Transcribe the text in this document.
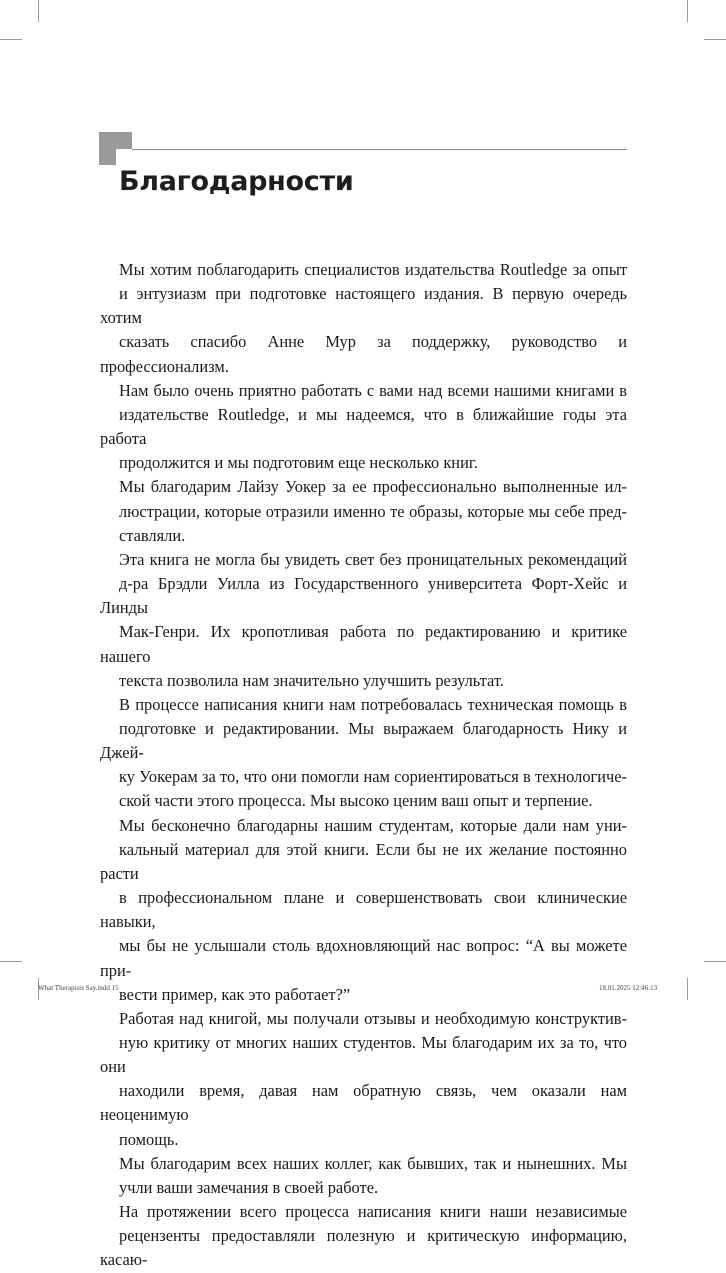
Благодарности

Мы хотим поблагодарить специалистов издательства Routledge за опыт
и энтузиазм при подготовке настоящего издания. В первую очередь хотим
сказать спасибо Анне Мур за поддержку, руководство и профессионализм.
Нам было очень приятно работать с вами над всеми нашими книгами в
издательстве Routledge, и мы надеемся, что в ближайшие годы эта работа
продолжится и мы подготовим еще несколько книг.

Мы благодарим Лайзу Уокер за ее профессионально выполненные ил-
люстрации, которые отразили именно те образы, которые мы себе пред-
ставляли.

Эта книга не могла бы увидеть свет без проницательных рекомендаций
д-ра Брэдли Уилла из Государственного университета Форт-Хейс и Линды
Мак-Генри. Их кропотливая работа по редактированию и критике нашего
текста позволила нам значительно улучшить результат.

В процессе написания книги нам потребовалась техническая помощь в
подготовке и редактировании. Мы выражаем благодарность Нику и Джей-
ку Уокерам за то, что они помогли нам сориентироваться в технологиче-
ской части этого процесса. Мы высоко ценим ваш опыт и терпение.

Мы бесконечно благодарны нашим студентам, которые дали нам уни-
кальный материал для этой книги. Если бы не их желание постоянно расти
в профессиональном плане и совершенствовать свои клинические навыки,
мы бы не услышали столь вдохновляющий нас вопрос: “А вы можете при-
вести пример, как это работает?”

Работая над книгой, мы получали отзывы и необходимую конструктив-
ную критику от многих наших студентов. Мы благодарим их за то, что они
находили время, давая нам обратную связь, чем оказали нам неоценимую
помощь.

Мы благодарим всех наших коллег, как бывших, так и нынешних. Мы
учли ваши замечания в своей работе.

На протяжении всего процесса написания книги наши независимые
рецензенты предоставляли полезную и критическую информацию, касаю-

What Therapists Say.indd 15	18.01.2025 12:46:13
